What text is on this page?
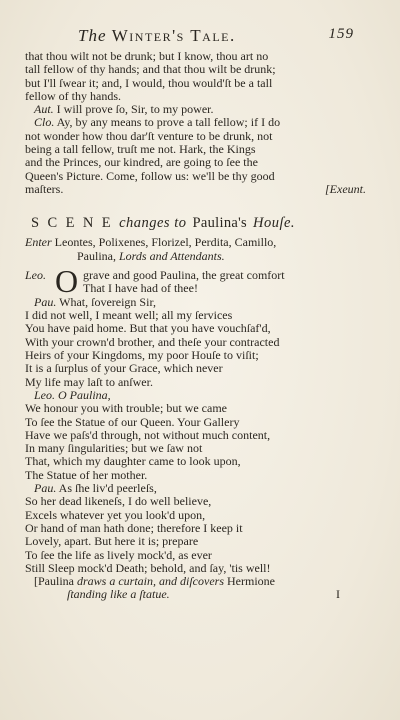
The Winter's Tale.	159
that thou wilt not be drunk; but I know, thou art no
tall fellow of thy hands; and that thou wilt be drunk;
but I'll ſwear it; and, I would, thou would'ſt be a tall
fellow of thy hands.
Aut. I will prove ſo, Sir, to my power.
Clo. Ay, by any means to prove a tall fellow; if I do
not wonder how thou dar'ſt venture to be drunk, not
being a tall fellow, truſt me not. Hark, the Kings
and the Princes, our kindred, are going to ſee the
Queen's Picture. Come, follow us: we'll be thy good
maſters.	[Exeunt.
S C E N E changes to Paulina's Houſe.
Enter Leontes, Polixenes, Florizel, Perdita, Camillo,
Paulina, Lords and Attendants.
Leo. O grave and good Paulina, the great comfort
That I have had of thee!
Pau. What, ſovereign Sir,
I did not well, I meant well; all my ſervices
You have paid home. But that you have vouchſaf'd,
With your crown'd brother, and theſe your contracted
Heirs of your Kingdoms, my poor Houſe to viſit;
It is a ſurplus of your Grace, which never
My life may laſt to anſwer.
Leo. O Paulina,
We honour you with trouble; but we came
To ſee the Statue of our Queen. Your Gallery
Have we paſs'd through, not without much content,
In many ſingularities; but we ſaw not
That, which my daughter came to look upon,
The Statue of her mother.
Pau. As ſhe liv'd peerleſs,
So her dead likeneſs, I do well believe,
Excels whatever yet you look'd upon,
Or hand of man hath done; therefore I keep it
Lovely, apart. But here it is; prepare
To ſee the life as lively mock'd, as ever
Still Sleep mock'd Death; behold, and ſay, 'tis well!
[Paulina draws a curtain, and diſcovers Hermione
ſtanding like a ſtatue.	I
